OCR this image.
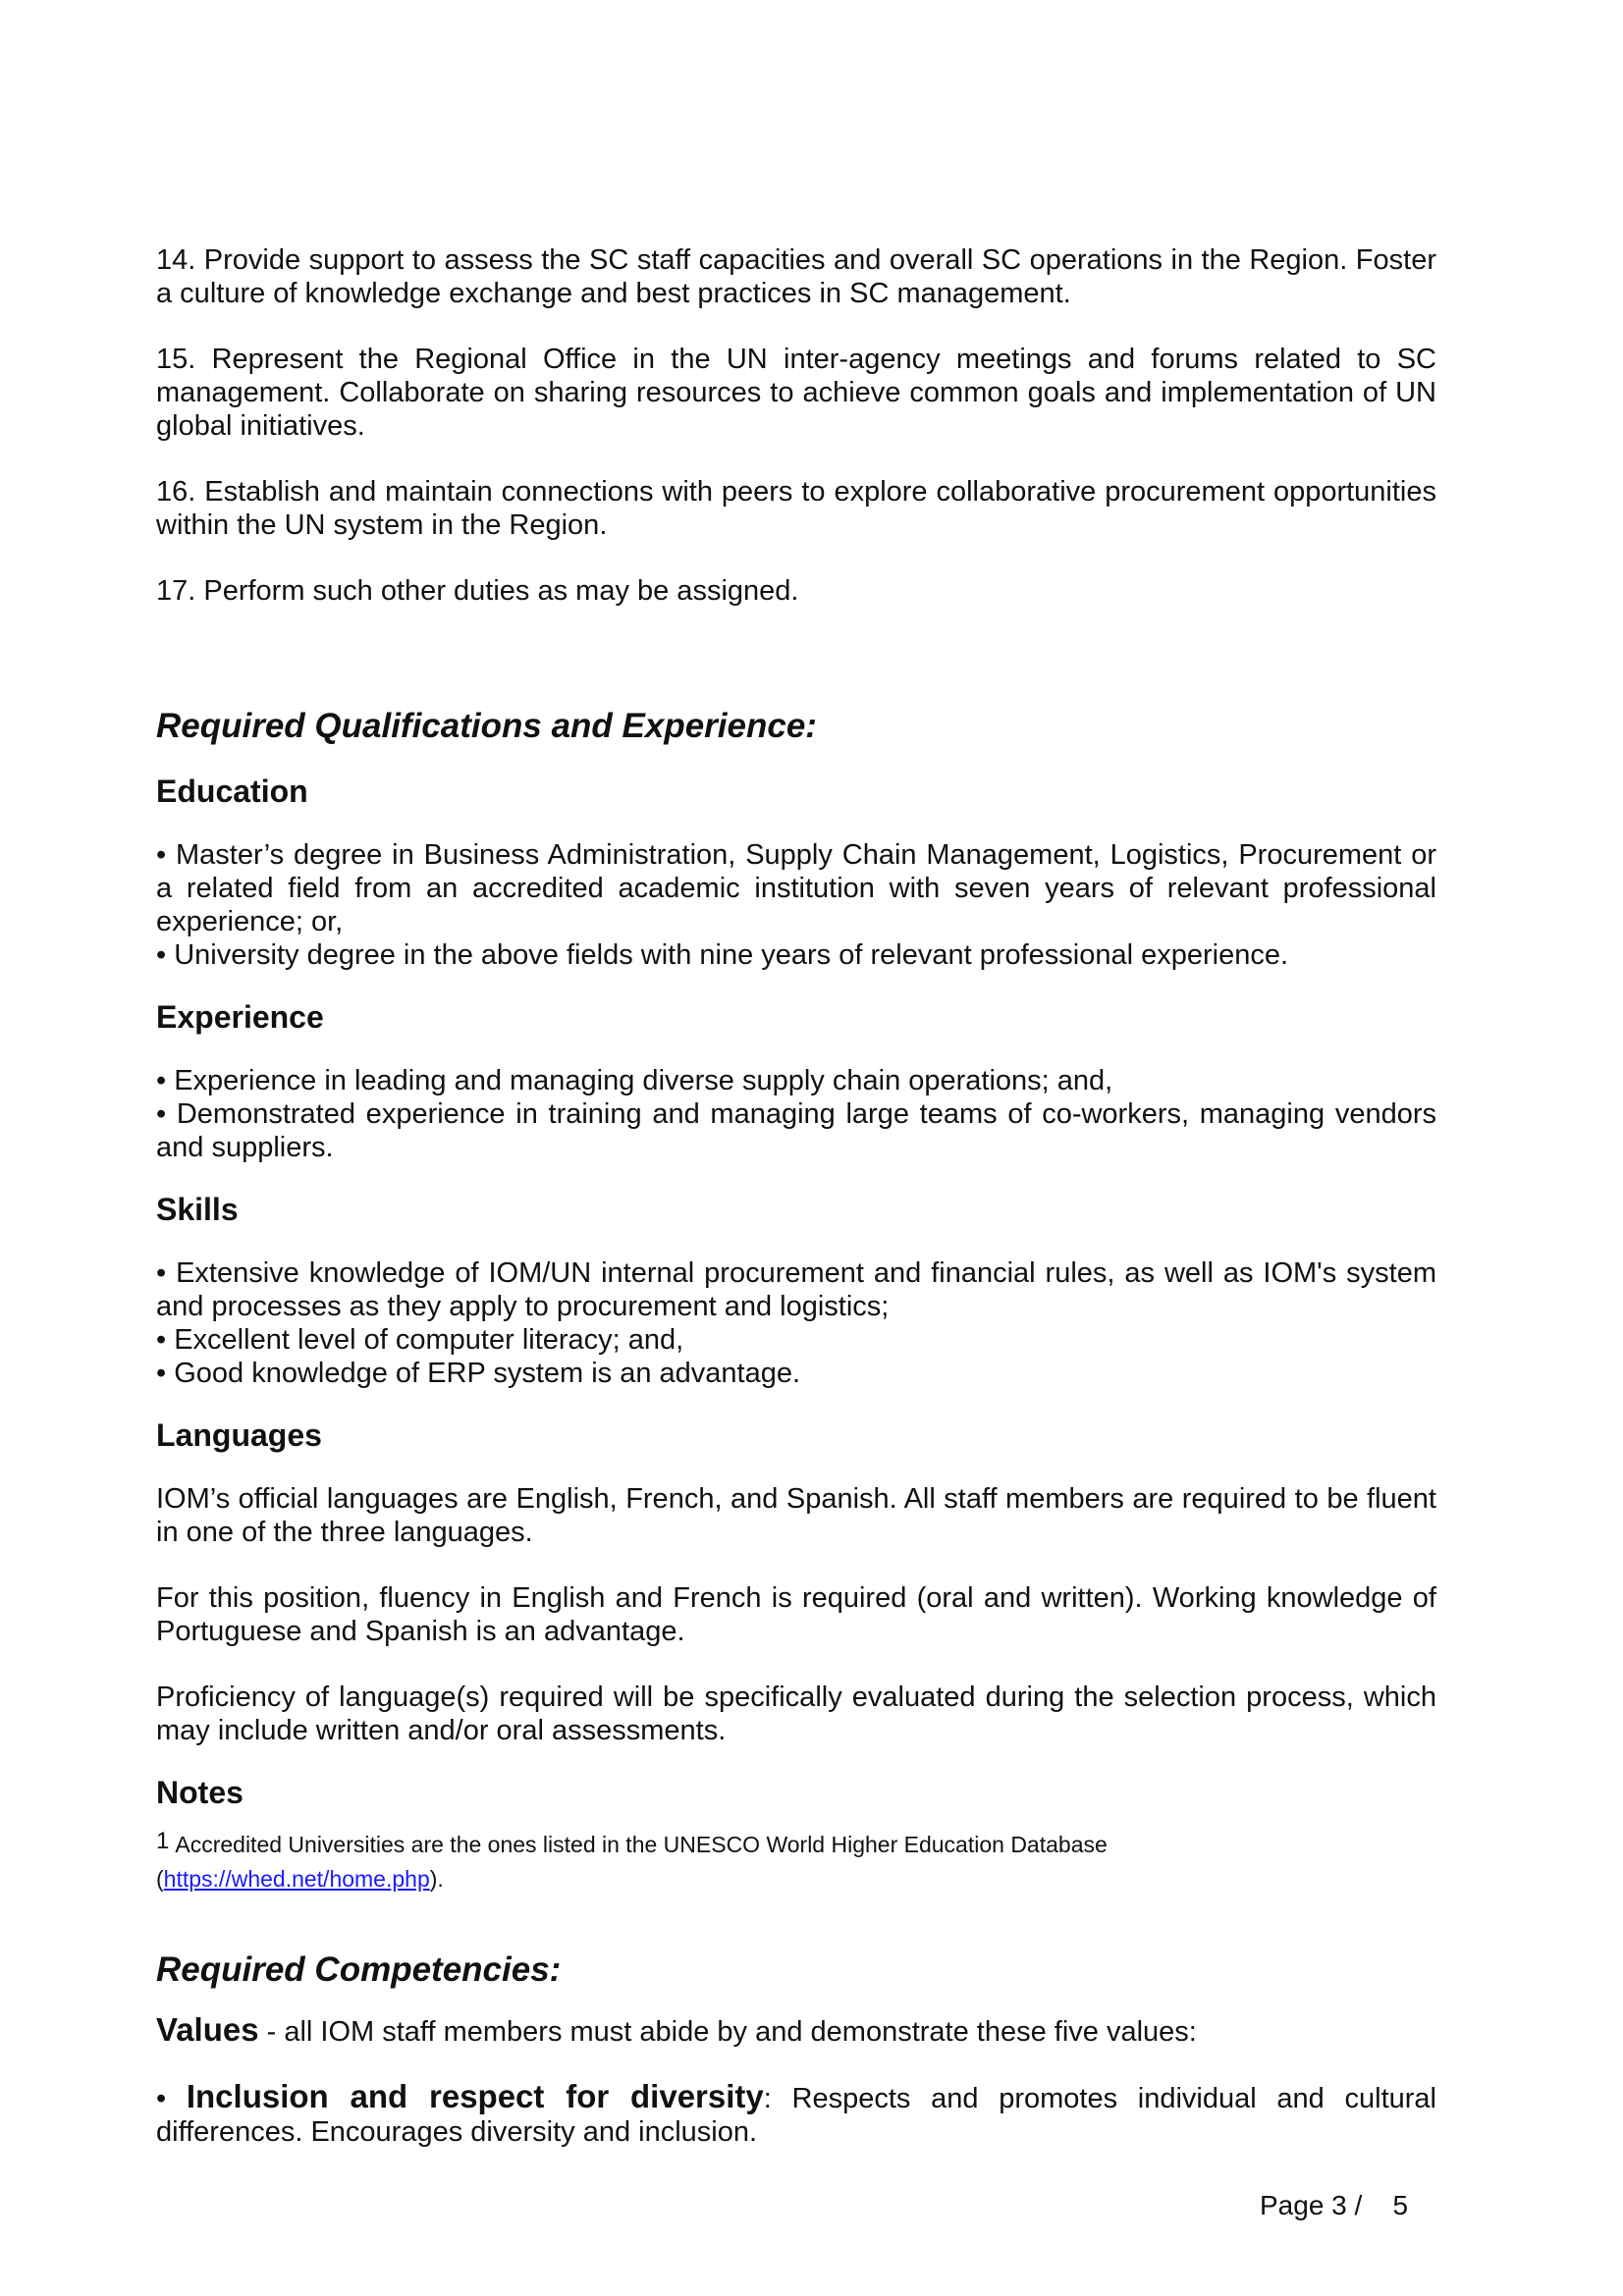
14. Provide support to assess the SC staff capacities and overall SC operations in the Region. Foster a culture of knowledge exchange and best practices in SC management.

15. Represent the Regional Office in the UN inter-agency meetings and forums related to SC management. Collaborate on sharing resources to achieve common goals and implementation of UN global initiatives.

16. Establish and maintain connections with peers to explore collaborative procurement opportunities within the UN system in the Region.

17. Perform such other duties as may be assigned.

Required Qualifications and Experience:
Education

• Master’s degree in Business Administration, Supply Chain Management, Logistics, Procurement or a related field from an accredited academic institution with seven years of relevant professional experience; or,

• University degree in the above fields with nine years of relevant professional experience.

Experience

• Experience in leading and managing diverse supply chain operations; and,

• Demonstrated experience in training and managing large teams of co-workers, managing vendors and suppliers.

Skills

• Extensive knowledge of IOM/UN internal procurement and financial rules, as well as IOM's system and processes as they apply to procurement and logistics;

• Excellent level of computer literacy; and,

• Good knowledge of ERP system is an advantage.

Languages

IOM’s official languages are English, French, and Spanish. All staff members are required to be fluent in one of the three languages.

For this position, fluency in English and French is required (oral and written). Working knowledge of Portuguese and Spanish is an advantage.

Proficiency of language(s) required will be specifically evaluated during the selection process, which may include written and/or oral assessments.

Notes

$^1$ Accredited Universities are the ones listed in the UNESCO World Higher Education Database

(https://whed.net/home.php).

Required Competencies:

Values - all IOM staff members must abide by and demonstrate these five values:

• Inclusion and respect for diversity: Respects and promotes individual and cultural differences. Encourages diversity and inclusion.

Page 3 / 5
